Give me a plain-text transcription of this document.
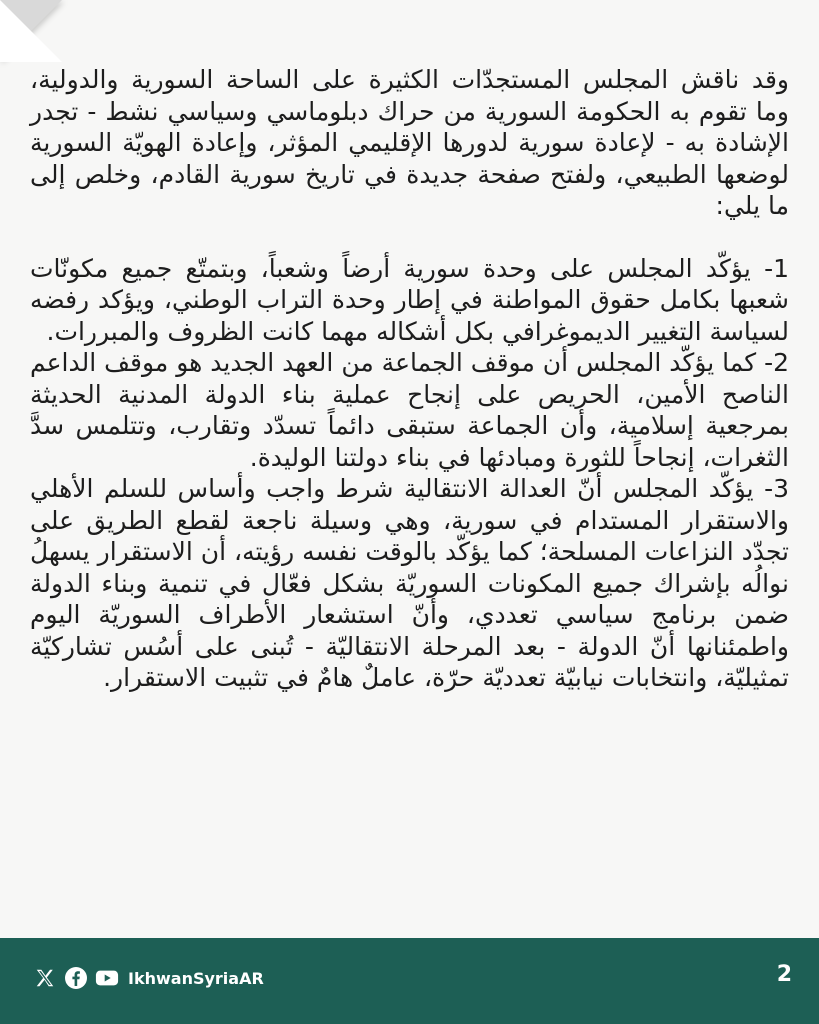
وقد ناقش المجلس المستجدّات الكثيرة على الساحة السورية والدولية، وما تقوم به الحكومة السورية من حراك دبلوماسي وسياسي نشط - تجدر الإشادة به - لإعادة سورية لدورها الإقليمي المؤثر، وإعادة الهويّة السورية لوضعها الطبيعي، ولفتح صفحة جديدة في تاريخ سورية القادم، وخلص إلى ما يلي:

1- يؤكّد المجلس على وحدة سورية أرضاً وشعباً، وبتمتّع جميع مكونّات شعبها بكامل حقوق المواطنة في إطار وحدة التراب الوطني، ويؤكد رفضه لسياسة التغيير الديموغرافي بكل أشكاله مهما كانت الظروف والمبررات.

2- كما يؤكّد المجلس أن موقف الجماعة من العهد الجديد هو موقف الداعم الناصح الأمين، الحريص على إنجاح عملية بناء الدولة المدنية الحديثة بمرجعية إسلامية، وأن الجماعة ستبقى دائماً تسدّد وتقارب، وتتلمس سدَّ الثغرات، إنجاحاً للثورة ومبادئها في بناء دولتنا الوليدة.

3- يؤكّد المجلس أنّ العدالة الانتقالية شرط واجب وأساس للسلم الأهلي والاستقرار المستدام في سورية، وهي وسيلة ناجعة لقطع الطريق على تجدّد النزاعات المسلحة؛ كما يؤكّد بالوقت نفسه رؤيته، أن الاستقرار يسهلُ نوالُه بإشراك جميع المكونات السوريّة بشكل فعّال في تنمية وبناء الدولة ضمن برنامج سياسي تعددي، وأنّ استشعار الأطراف السوريّة اليوم واطمئنانها أنّ الدولة - بعد المرحلة الانتقاليّة - تُبنى على أسُس تشاركيّة تمثيليّة، وانتخابات نيابيّة تعدديّة حرّة، عاملٌ هامٌ في تثبيت الاستقرار.

IkhwanSyriaAR	2
